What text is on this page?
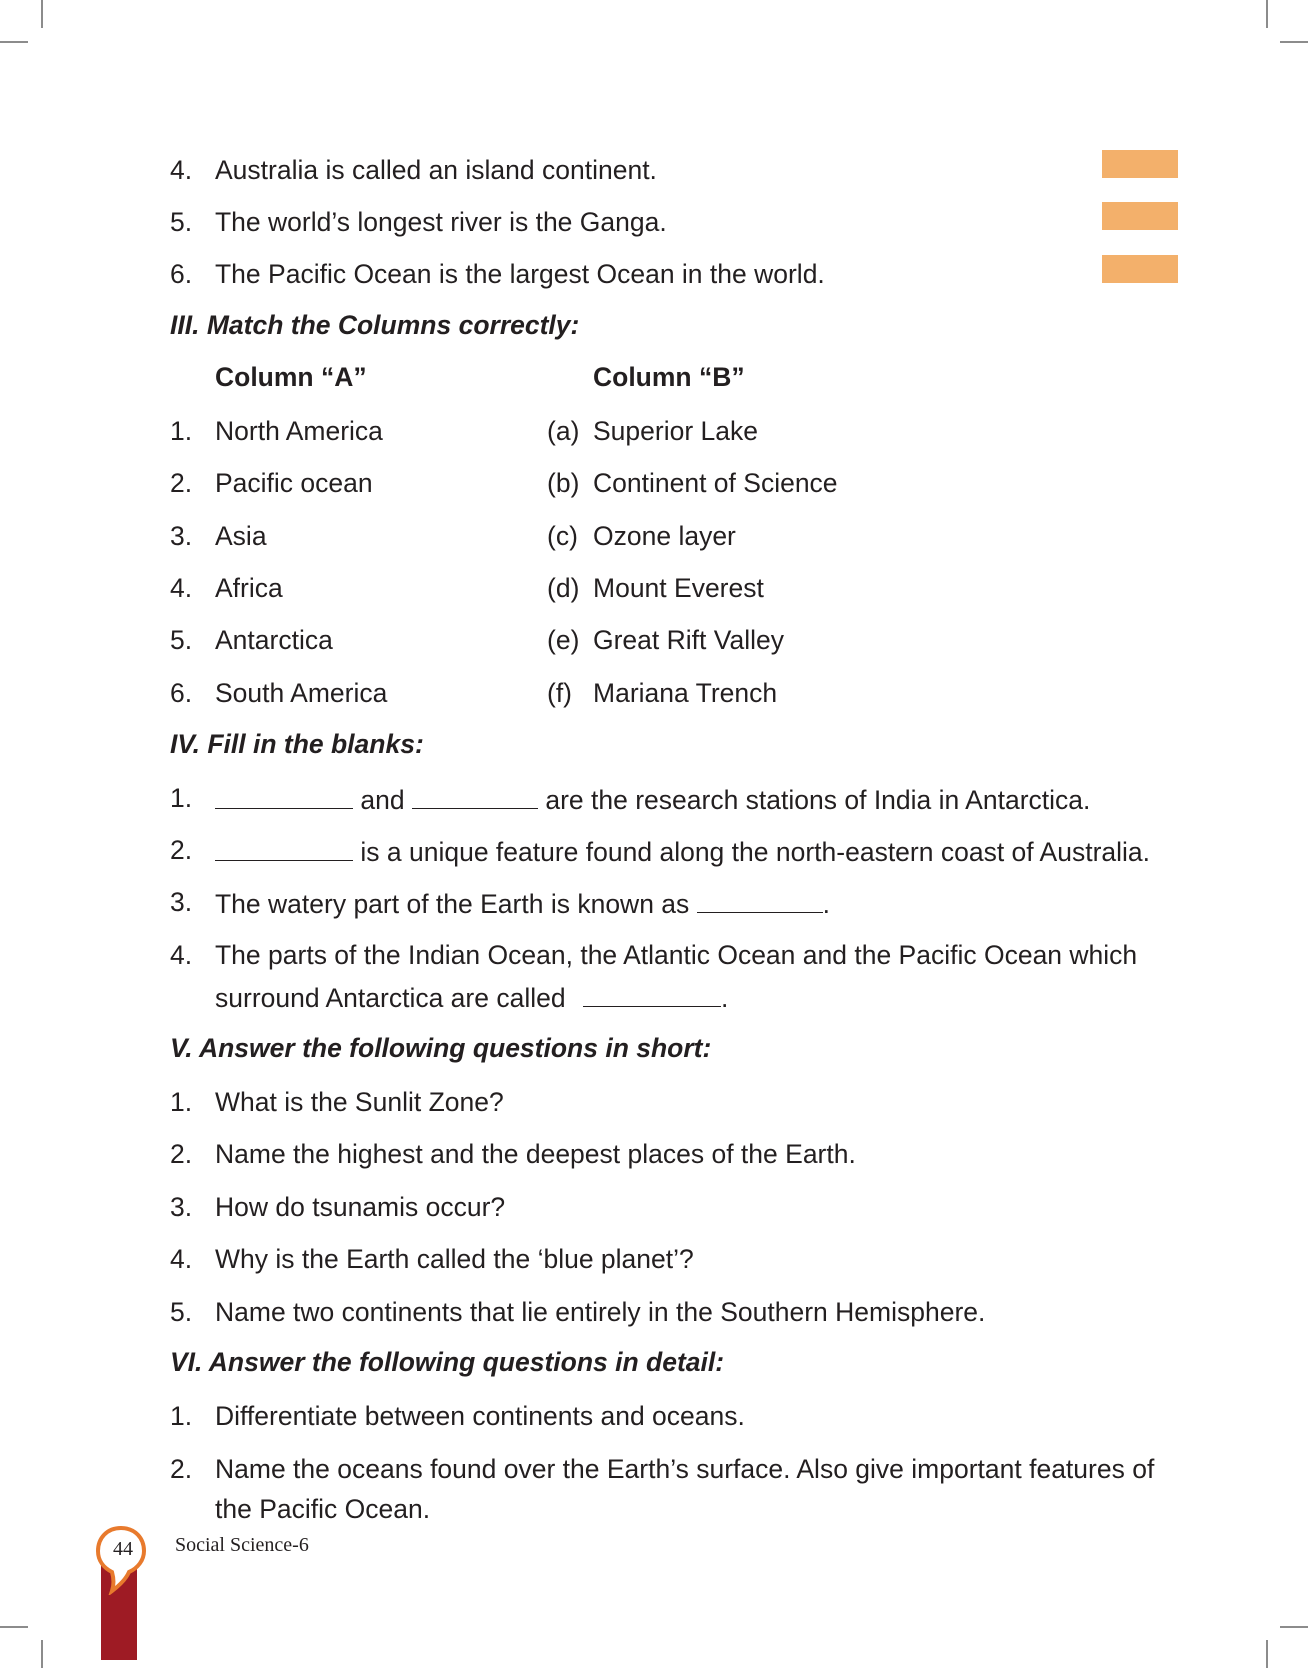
4. Australia is called an island continent.
5. The world’s longest river is the Ganga.
6. The Pacific Ocean is the largest Ocean in the world.
III. Match the Columns correctly:
Column “A”	Column “B”
1. North America	(a) Superior Lake
2. Pacific ocean	(b) Continent of Science
3. Asia	(c) Ozone layer
4. Africa	(d) Mount Everest
5. Antarctica	(e) Great Rift Valley
6. South America	(f) Mariana Trench
IV. Fill in the blanks:
1.	and	are the research stations of India in Antarctica.
2.	is a unique feature found along the north-eastern coast of Australia.
3. The watery part of the Earth is known as	.
4. The parts of the Indian Ocean, the Atlantic Ocean and the Pacific Ocean which
surround Antarctica are called	.
V. Answer the following questions in short:
1. What is the Sunlit Zone?
2. Name the highest and the deepest places of the Earth.
3. How do tsunamis occur?
4. Why is the Earth called the ‘blue planet’?
5. Name two continents that lie entirely in the Southern Hemisphere.
VI. Answer the following questions in detail:
1. Differentiate between continents and oceans.
2. Name the oceans found over the Earth’s surface. Also give important features of
the Pacific Ocean.
44	Social Science-6
